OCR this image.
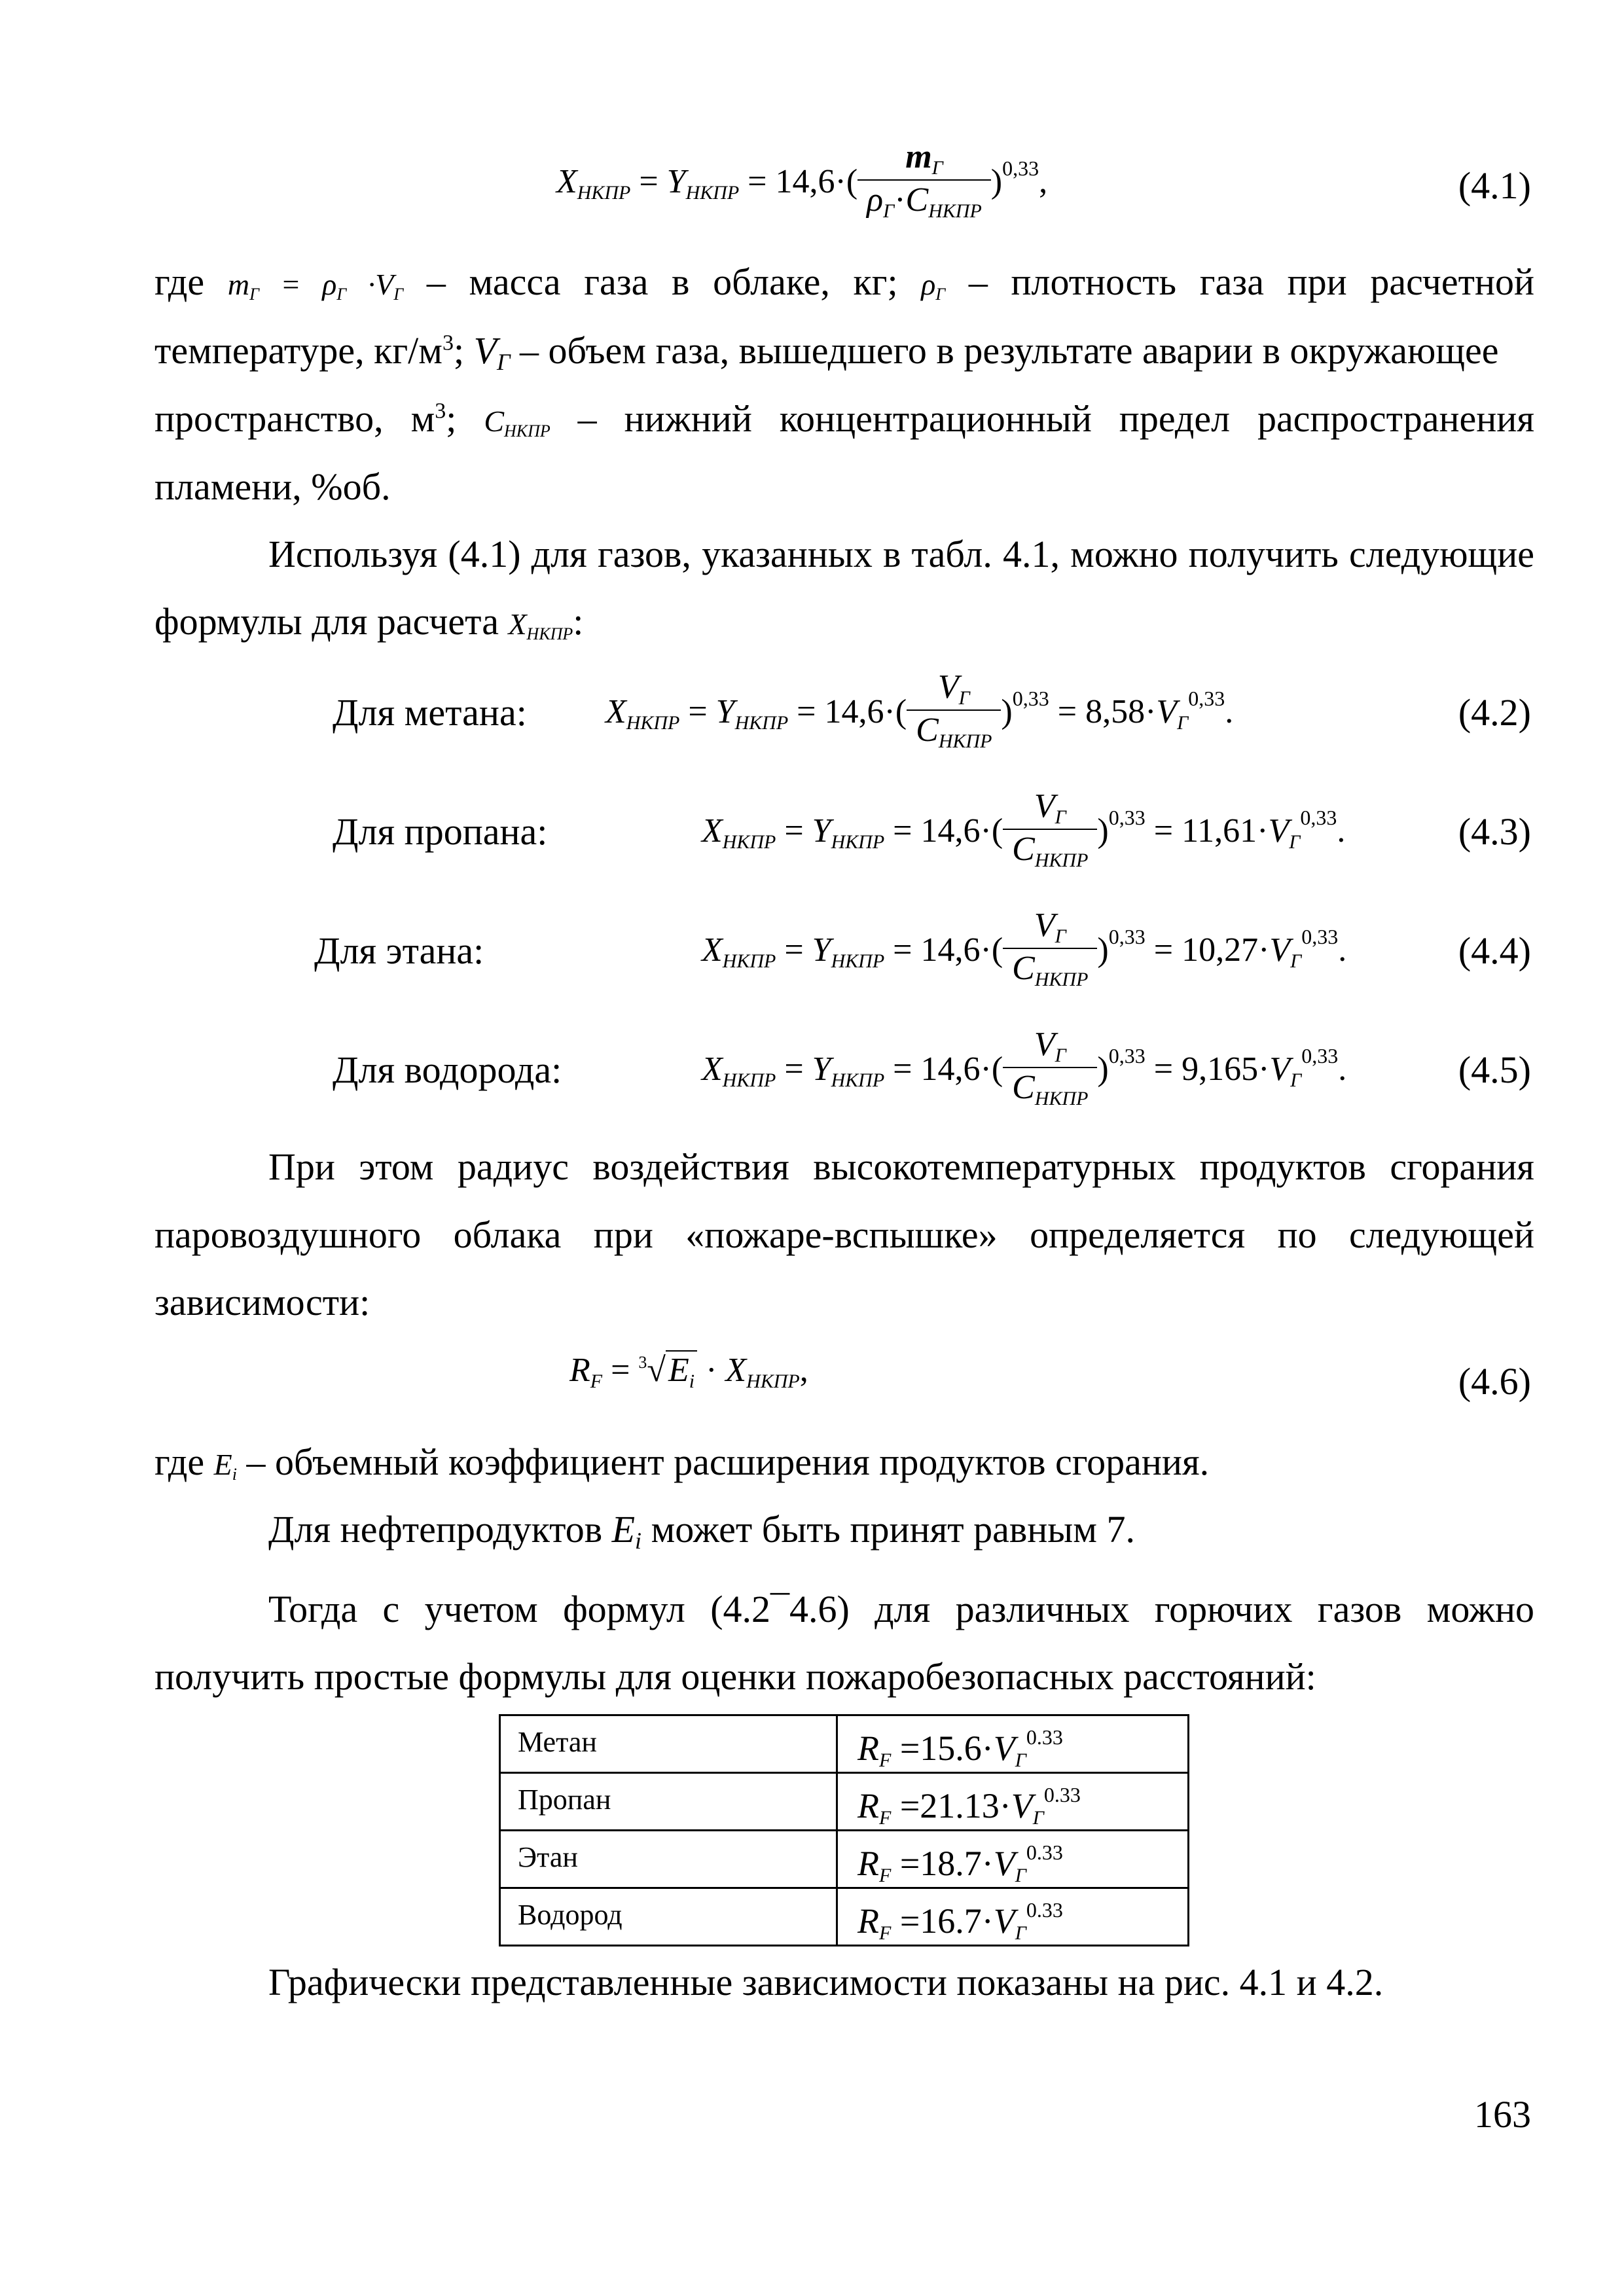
$X_{НКПР} = Y_{НКПР} = 14,6\cdot( \frac{m_Г}{\rho_Г\cdot C_{НКПР}} )^{0,33}$,	(4.1)
где $m_Г = \rho_Г \cdot V_Г$ – масса газа в облаке, кг; $\rho_Г$ – плотность газа при расчетной
температуре, $кг/м^3$; $V_Г$ – объем газа, вышедшего в результате аварии в окружающее
пространство, $м^3$; $C_{НКПР}$ – нижний концентрационный предел распространения
пламени, %об.
Используя (4.1) для газов, указанных в табл. 4.1, можно получить следующие
формулы для расчета $X_{НКПР}$:
Для метана: $X_{НКПР} = Y_{НКПР} = 14,6\cdot( \frac{V_Г}{C_{НКПР}} )^{0,33} = 8,58\cdot V_Г^{0,33}$.	(4.2)
Для пропана:	$X_{НКПР} = Y_{НКПР} = 14,6\cdot( \frac{V_Г}{C_{НКПР}} )^{0,33} = 11,61\cdot V_Г^{0,33}$.	(4.3)
Для этана:	$X_{НКПР} = Y_{НКПР} = 14,6\cdot( \frac{V_Г}{C_{НКПР}} )^{0,33} = 10,27\cdot V_Г^{0,33}$.	(4.4)
Для водорода:	$X_{НКПР} = Y_{НКПР} = 14,6\cdot( \frac{V_Г}{C_{НКПР}} )^{0,33} = 9,165\cdot V_Г^{0,33}$.	(4.5)
При этом радиус воздействия высокотемпературных продуктов сгорания
паровоздушного облака при «пожаре-вспышке» определяется по следующей
зависимости:
$R_F = ^3√E_i \cdot X_{НКПР}$,	(4.6)
где $E_i$ – объемный коэффициент расширения продуктов сгорания.
Для нефтепродуктов $E_i$ может быть принят равным 7.
Тогда с учетом формул (4.2¯4.6) для различных горючих газов можно
получить простые формулы для оценки пожаробезопасных расстояний:
Метан	$R_F =15.6\cdot V_Г^{0.33}$
Пропан	$R_F =21.13\cdot V_Г^{0.33}$
Этан	$R_F =18.7\cdot V_Г^{0.33}$
Водород	$R_F =16.7\cdot V_Г^{0.33}$
Графически представленные зависимости показаны на рис. 4.1 и 4.2.
163
